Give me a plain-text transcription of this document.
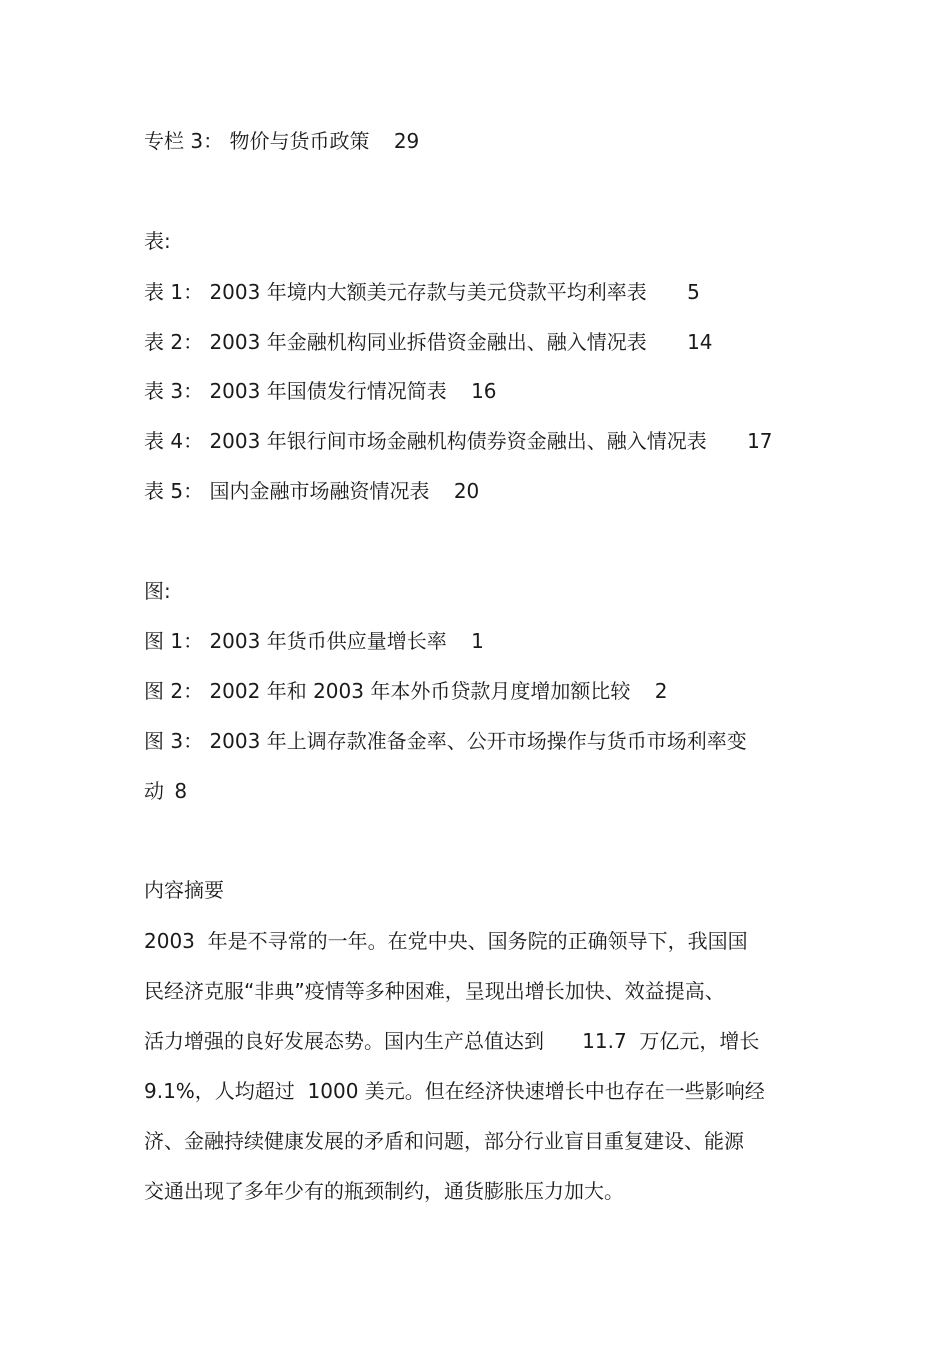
专栏 3： 物价与货币政策 29
表:
表 1： 2003 年境内大额美元存款与美元贷款平均利率表 5
表 2： 2003 年金融机构同业拆借资金融出、融入情况表 14
表 3： 2003 年国债发行情况简表 16
表 4： 2003 年银行间市场金融机构债券资金融出、融入情况表 17
表 5： 国内金融市场融资情况表 20
图:
图 1： 2003 年货币供应量增长率 1
图 2： 2002 年和 2003 年本外币贷款月度增加额比较 2
图 3： 2003 年上调存款准备金率、公开市场操作与货币市场利率变
动 8
内容摘要
2003  年是不寻常的一年。在党中央、国务院的正确领导下，我国国
民经济克服“非典”疫情等多种困难，呈现出增长加快、效益提高、
活力增强的良好发展态势。国内生产总值达到      11.7  万亿元，增长
9.1%，人均超过  1000 美元。但在经济快速增长中也存在一些影响经
济、金融持续健康发展的矛盾和问题，部分行业盲目重复建设、能源
交通出现了多年少有的瓶颈制约，通货膨胀压力加大。
